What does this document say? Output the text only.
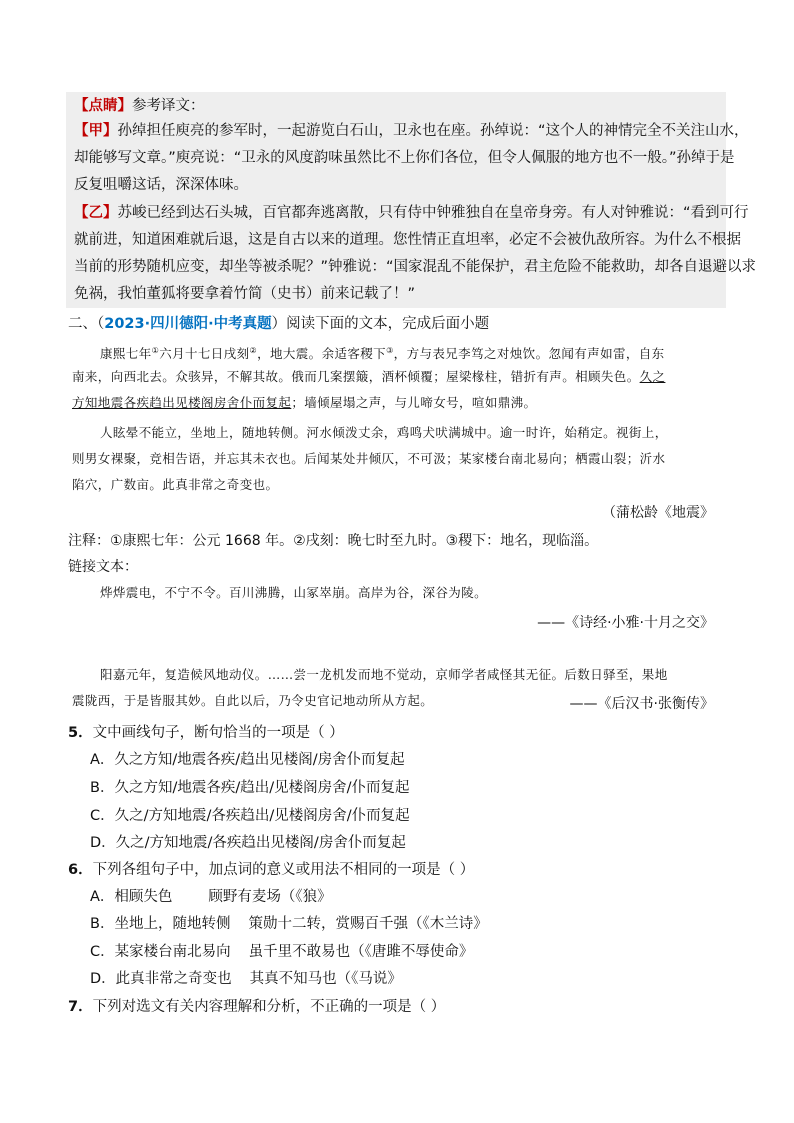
【点睛】参考译文：
【甲】孙绰担任庾亮的参军时，一起游览白石山，卫永也在座。孙绰说：“这个人的神情完全不关注山水，
却能够写文章。”庾亮说：“卫永的风度韵味虽然比不上你们各位，但令人佩服的地方也不一般。”孙绰于是
反复咀嚼这话，深深体味。
【乙】苏峻已经到达石头城，百官都奔逃离散，只有侍中钟雅独自在皇帝身旁。有人对钟雅说：“看到可行
就前进，知道困难就后退，这是自古以来的道理。您性情正直坦率，必定不会被仇敌所容。为什么不根据
当前的形势随机应变，却坐等被杀呢？”钟雅说：“国家混乱不能保护，君主危险不能救助，却各自退避以求
免祸，我怕董狐将要拿着竹简（史书）前来记载了！”
二、（2023·四川德阳·中考真题）阅读下面的文本，完成后面小题
康熙七年①六月十七日戌刻②，地大震。余适客稷下③，方与表兄李笃之对烛饮。忽闻有声如雷，自东
南来，向西北去。众骇异，不解其故。俄而几案摆簸，酒杯倾覆；屋梁椽柱，错折有声。相顾失色。久之
方知地震各疾趋出见楼阁房舍仆而复起；墙倾屋塌之声，与儿啼女号，喧如鼎沸。
人眩晕不能立，坐地上，随地转侧。河水倾泼丈余，鸡鸣犬吠满城中。逾一时许，始稍定。视街上，
则男女裸聚，竞相告语，并忘其未衣也。后闻某处井倾仄，不可汲；某家楼台南北易向；栖霞山裂；沂水
陷穴，广数亩。此真非常之奇变也。
（蒲松龄《地震》
注释：①康熙七年：公元 1668 年。②戌刻：晚七时至九时。③稷下：地名，现临淄。
链接文本：
烨烨震电，不宁不令。百川沸腾，山冢崒崩。高岸为谷，深谷为陵。
——《诗经·小雅·十月之交》
阳嘉元年，复造候风地动仪。……尝一龙机发而地不觉动，京师学者咸怪其无征。后数日驿至，果地
震陇西，于是皆服其妙。自此以后，乃令史官记地动所从方起。	——《后汉书·张衡传》
5．文中画线句子，断句恰当的一项是（ ）
A．久之方知/地震各疾/趋出见楼阁/房舍仆而复起
B．久之方知/地震各疾/趋出/见楼阁房舍/仆而复起
C．久之/方知地震/各疾趋出/见楼阁房舍/仆而复起
D．久之/方知地震/各疾趋出见楼阁/房舍仆而复起
6．下列各组句子中，加点词的意义或用法不相同的一项是（ ）
A．相顾失色 顾野有麦场（《狼》
B．坐地上，随地转侧 策勋十二转，赏赐百千强（《木兰诗》
C．某家楼台南北易向 虽千里不敢易也（《唐雎不辱使命》
D．此真非常之奇变也 其真不知马也（《马说》
7．下列对选文有关内容理解和分析，不正确的一项是（ ）
